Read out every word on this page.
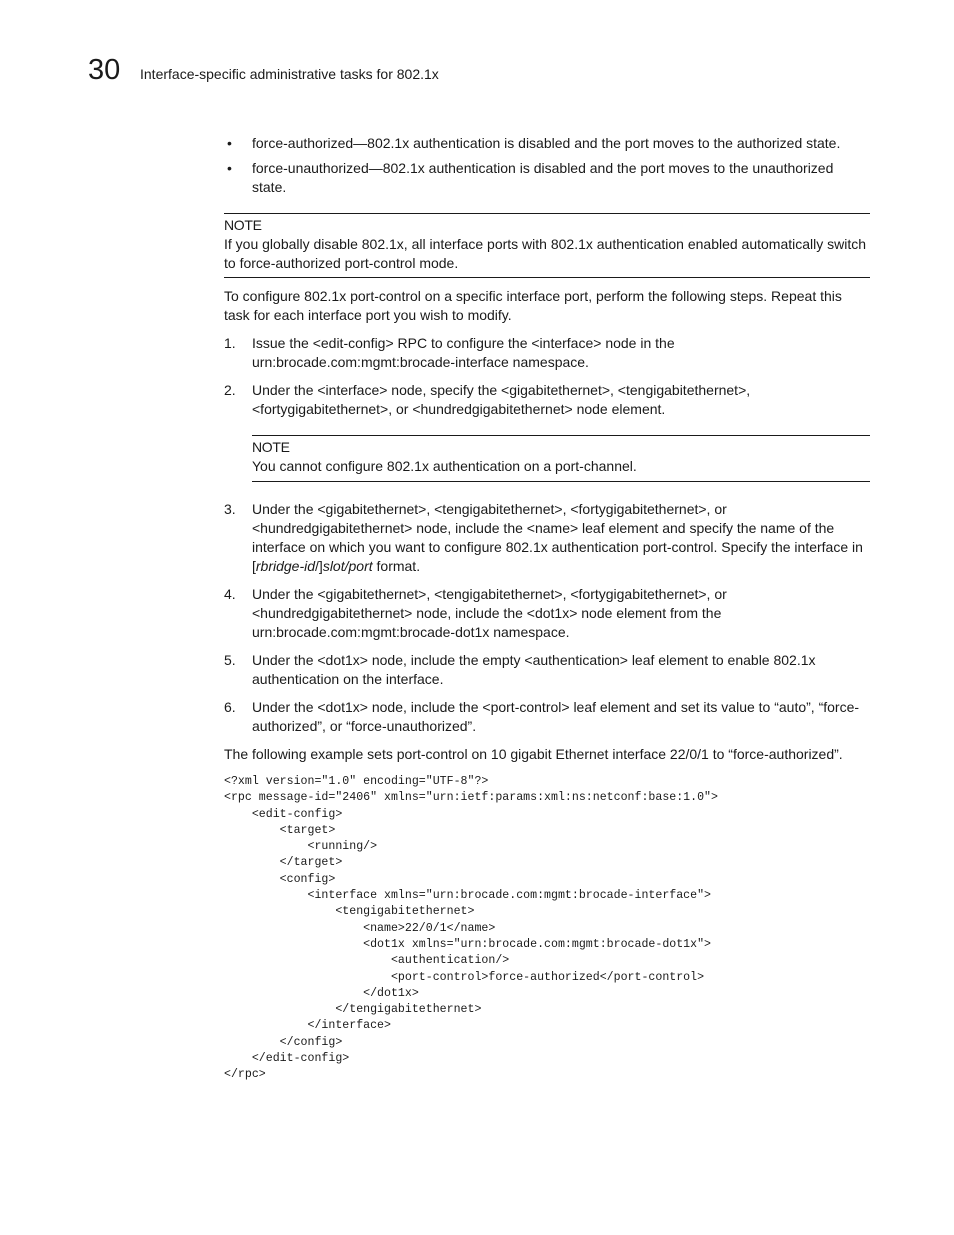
30 Interface-specific administrative tasks for 802.1x
• force-authorized—802.1x authentication is disabled and the port moves to the authorized state.
• force-unauthorized—802.1x authentication is disabled and the port moves to the unauthorized state.
NOTE
If you globally disable 802.1x, all interface ports with 802.1x authentication enabled automatically switch to force-authorized port-control mode.

To configure 802.1x port-control on a specific interface port, perform the following steps. Repeat this task for each interface port you wish to modify.

1. Issue the <edit-config> RPC to configure the <interface> node in the urn:brocade.com:mgmt:brocade-interface namespace.
2. Under the <interface> node, specify the <gigabitethernet>, <tengigabitethernet>, <fortygigabitethernet>, or <hundredgigabitethernet> node element.
NOTE
You cannot configure 802.1x authentication on a port-channel.
3. Under the <gigabitethernet>, <tengigabitethernet>, <fortygigabitethernet>, or <hundredgigabitethernet> node, include the <name> leaf element and specify the name of the interface on which you want to configure 802.1x authentication port-control. Specify the interface in [rbridge-id/]slot/port format.
4. Under the <gigabitethernet>, <tengigabitethernet>, <fortygigabitethernet>, or <hundredgigabitethernet> node, include the <dot1x> node element from the urn:brocade.com:mgmt:brocade-dot1x namespace.
5. Under the <dot1x> node, include the empty <authentication> leaf element to enable 802.1x authentication on the interface.
6. Under the <dot1x> node, include the <port-control> leaf element and set its value to “auto”, “force-authorized”, or “force-unauthorized”.

The following example sets port-control on 10 gigabit Ethernet interface 22/0/1 to “force-authorized”.

<?xml version="1.0" encoding="UTF-8"?>
<rpc message-id="2406" xmlns="urn:ietf:params:xml:ns:netconf:base:1.0">
<edit-config>
<target>
<running/>
</target>
<config>
<interface xmlns="urn:brocade.com:mgmt:brocade-interface">
<tengigabitethernet>
<name>22/0/1</name>
<dot1x xmlns="urn:brocade.com:mgmt:brocade-dot1x">
<authentication/>
<port-control>force-authorized</port-control>
</dot1x>
</tengigabitethernet>
</interface>
</config>
</edit-config>
</rpc>
